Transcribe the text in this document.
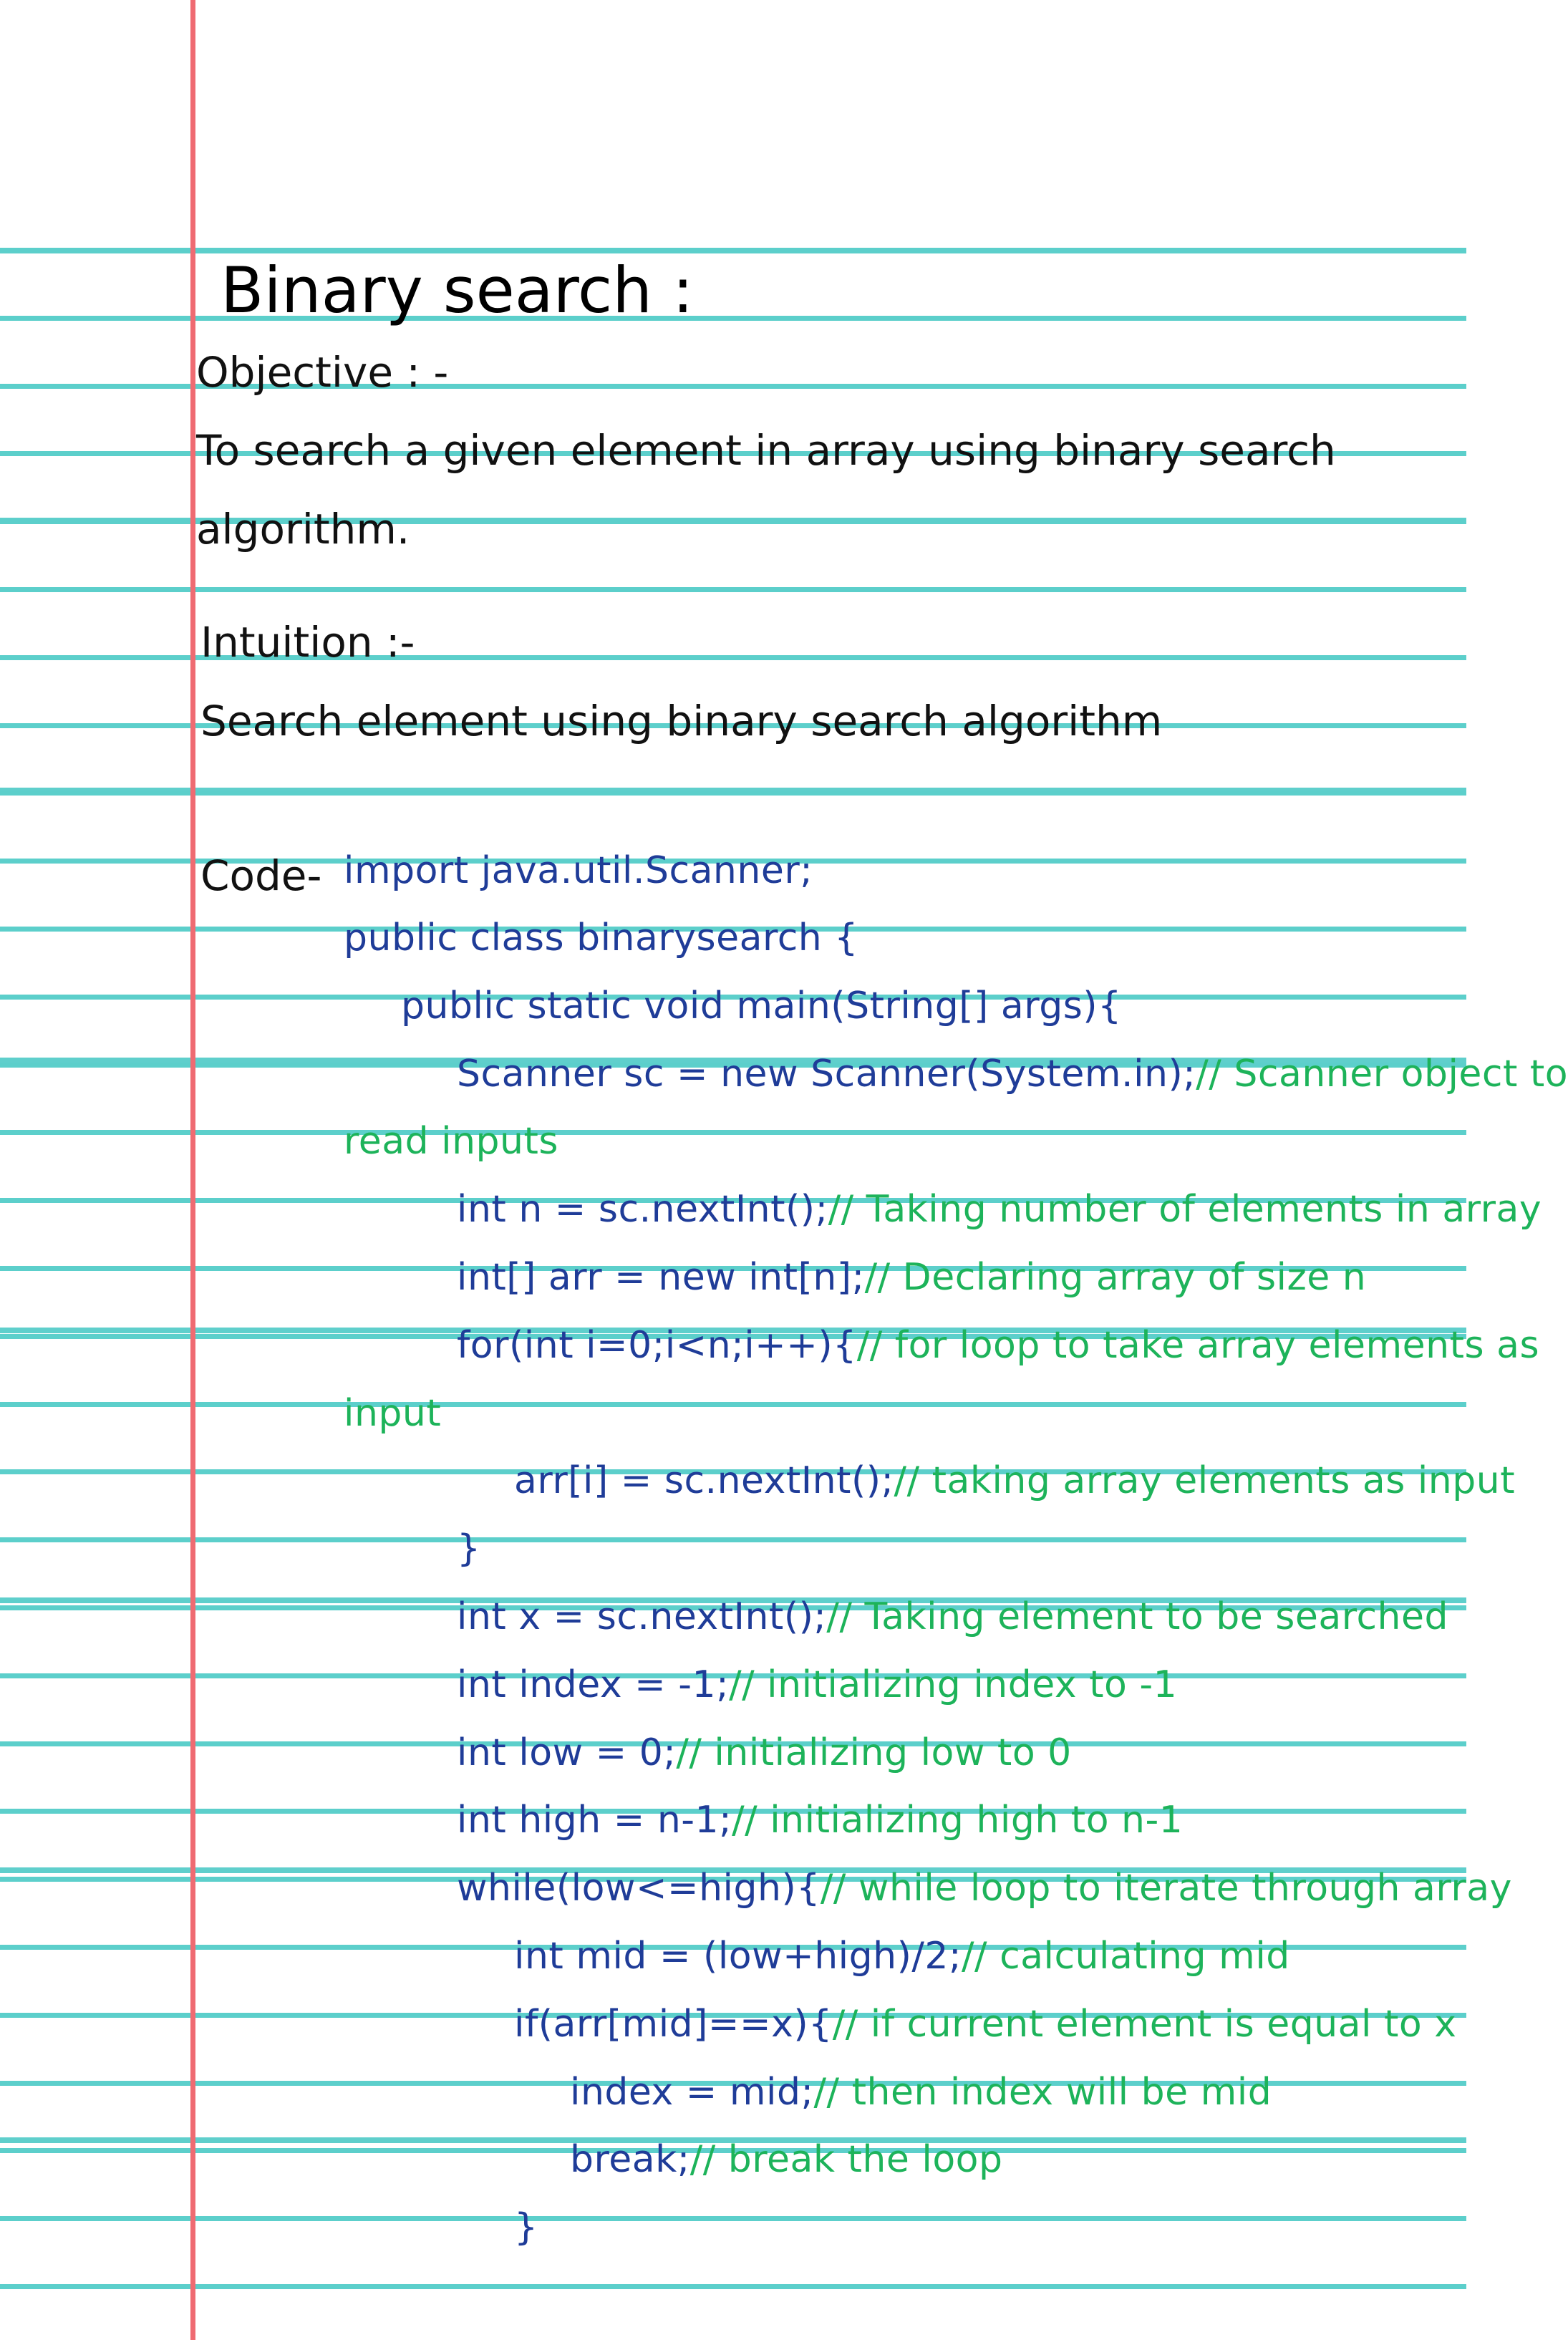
Binary search :
Objective : -
To search a given element in array using binary search
algorithm.
Intuition :-
Search element using binary search algorithm
Code- import java.util.Scanner;
public class binarysearch {
public static void main(String[] args){
Scanner sc = new Scanner(System.in);// Scanner object to
read inputs
int n = sc.nextInt();// Taking number of elements in array
int[] arr = new int[n];// Declaring array of size n
for(int i=0;i<n;i++){// for loop to take array elements as
input
arr[i] = sc.nextInt();// taking array elements as input
}
int x = sc.nextInt();// Taking element to be searched
int index = -1;// initializing index to -1
int low = 0;// initializing low to 0
int high = n-1;// initializing high to n-1
while(low<=high){// while loop to iterate through array
int mid = (low+high)/2;// calculating mid
if(arr[mid]==x){// if current element is equal to x
index = mid;// then index will be mid
break;// break the loop
}
